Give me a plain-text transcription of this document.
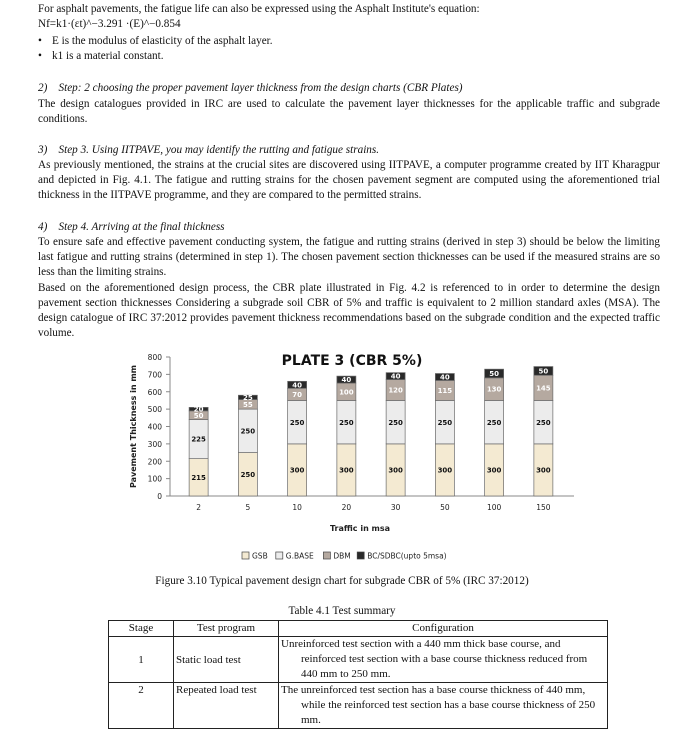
For asphalt pavements, the fatigue life can also be expressed using the Asphalt Institute's equation:
Nf=k1·(εt)^−3.291 ·(E)^−0.854
• E is the modulus of elasticity of the asphalt layer.
• k1 is a material constant.
2)    Step: 2 choosing the proper pavement layer thickness from the design charts (CBR Plates)
The design catalogues provided in IRC are used to calculate the pavement layer thicknesses for the applicable traffic and subgrade conditions.
3)    Step 3. Using IITPAVE, you may identify the rutting and fatigue strains.
As previously mentioned, the strains at the crucial sites are discovered using IITPAVE, a computer programme created by IIT Kharagpur and depicted in Fig. 4.1. The fatigue and rutting strains for the chosen pavement segment are computed using the aforementioned trial thickness in the IITPAVE programme, and they are compared to the permitted strains.
4)    Step 4. Arriving at the final thickness
To ensure safe and effective pavement conducting system, the fatigue and rutting strains (derived in step 3) should be below the limiting last fatigue and rutting strains (determined in step 1). The chosen pavement section thicknesses can be used if the measured strains are so less than the limiting strains.
Based on the aforementioned design process, the CBR plate illustrated in Fig. 4.2 is referenced to in order to determine the design pavement section thicknesses Considering a subgrade soil CBR of 5% and traffic is equivalent to 2 million standard axles (MSA). The design catalogue of IRC 37:2012 provides pavement thickness recommendations based on the subgrade condition and the expected traffic volume.
0
100
200
300
400
500
600
700
800
Pavement Thickness in mm
PLATE 3 (CBR 5%)
215
225
50
20
2
250
250
55
25
5
300
250
70
40
10
300
250
100
40
20
300
250
120
40
30
300
250
115
40
50
300
250
130
50
100
300
250
145
50
150
Traffic in msa
GSB G.BASE	DBM BC/SDBC(upto 5msa)
Figure 3.10 Typical pavement design chart for subgrade CBR of 5% (IRC 37:2012)
Table 4.1 Test summary
Stage	Test program	Configuration
1	Static load test	Unreinforced test section with a 440 mm thick base course, and reinforced test section with a base course thickness reduced from 440 mm to 250 mm.
2	Repeated load test	The unreinforced test section has a base course thickness of 440 mm, while the reinforced test section has a base course thickness of 250 mm.
